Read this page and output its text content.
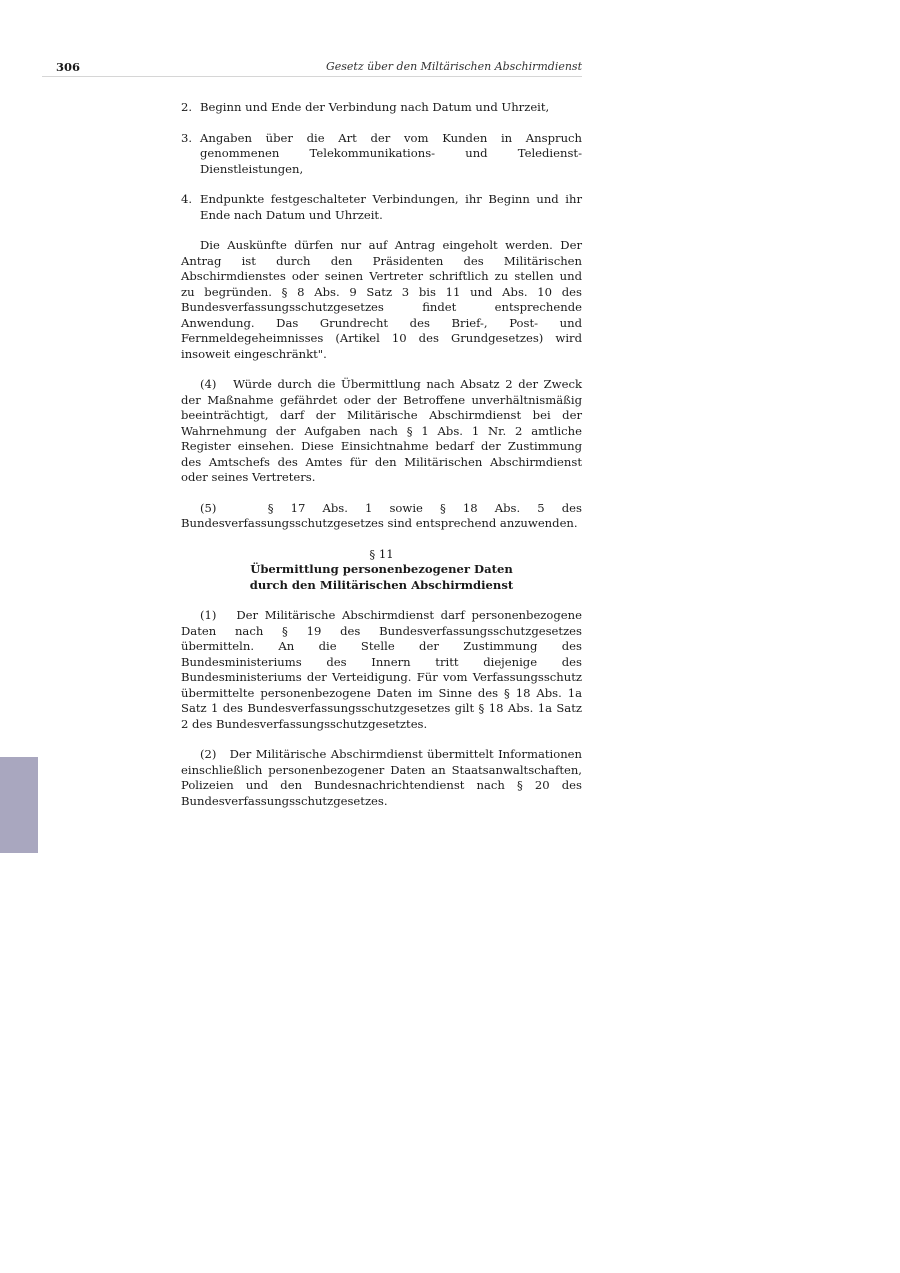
306	Gesetz über den Miltärischen Abschirmdienst
2. Beginn und Ende der Verbindung nach Datum und Uhrzeit,
3. Angaben über die Art der vom Kunden in Anspruch genommenen Telekommunikations- und Teledienst-Dienstleistungen,
4. Endpunkte festgeschalteter Verbindungen, ihr Beginn und ihr Ende nach Datum und Uhrzeit.

Die Auskünfte dürfen nur auf Antrag eingeholt werden. Der Antrag ist durch den Präsidenten des Militärischen Abschirmdienstes oder seinen Vertreter schriftlich zu stellen und zu begründen. § 8 Abs. 9 Satz 3 bis 11 und Abs. 10 des Bundesverfassungsschutzgesetzes findet entsprechende Anwendung. Das Grundrecht des Brief-, Post- und Fernmeldegeheimnisses (Artikel 10 des Grundgesetzes) wird insoweit eingeschränkt".

(4)   Würde durch die Übermittlung nach Absatz 2 der Zweck der Maßnahme gefährdet oder der Betroffene unverhältnismäßig beeinträchtigt, darf der Militärische Abschirmdienst bei der Wahrnehmung der Aufgaben nach § 1 Abs. 1 Nr. 2 amtliche Register einsehen. Diese Einsichtnahme bedarf der Zustimmung des Amtschefs des Amtes für den Militärischen Abschirmdienst oder seines Vertreters.

(5)   § 17 Abs. 1 sowie § 18 Abs. 5 des Bundesverfassungsschutzgesetzes sind entsprechend anzuwenden.

§ 11
Übermittlung personenbezogener Daten
durch den Militärischen Abschirmdienst

(1)   Der Militärische Abschirmdienst darf personenbezogene Daten nach § 19 des Bundesverfassungsschutzgesetzes übermitteln. An die Stelle der Zustimmung des Bundesministeriums des Innern tritt diejenige des Bundesministeriums der Verteidigung. Für vom Verfassungsschutz übermittelte personenbezogene Daten im Sinne des § 18 Abs. 1a Satz 1 des Bundesverfassungsschutzgesetzes gilt § 18 Abs. 1a Satz 2 des Bundesverfassungsschutzgesetztes.

(2)   Der Militärische Abschirmdienst übermittelt Informationen einschließlich personenbezogener Daten an Staatsanwaltschaften, Polizeien und den Bundesnachrichtendienst nach § 20 des Bundesverfassungsschutzgesetzes.
